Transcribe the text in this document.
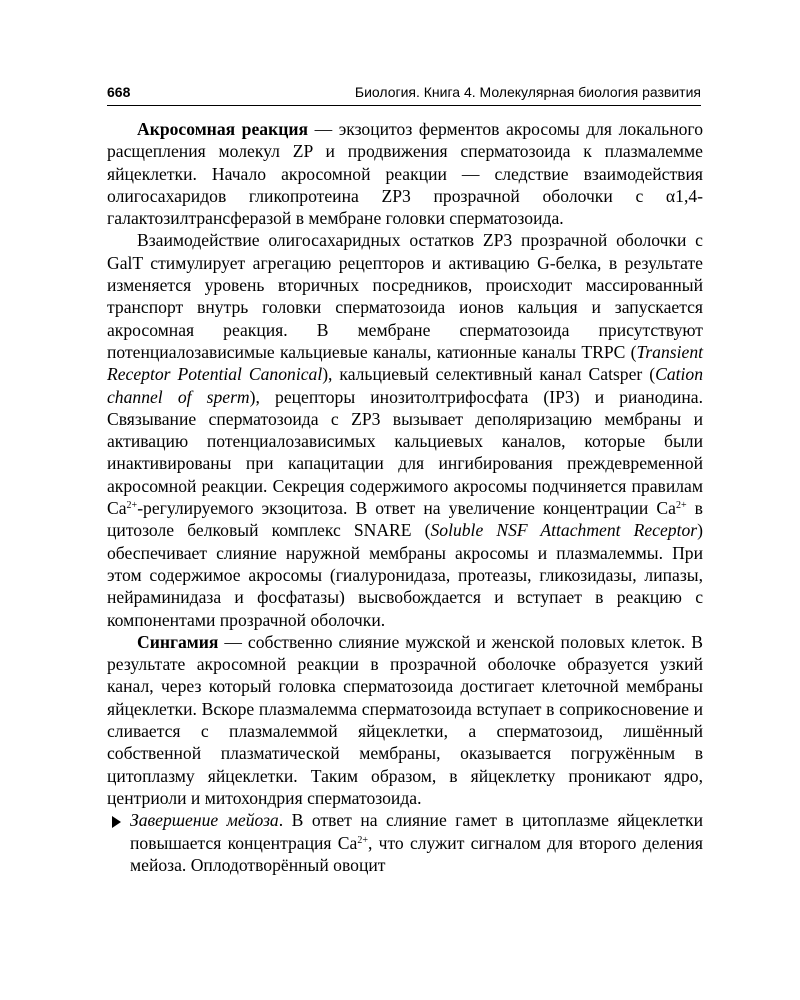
668	Биология. Книга 4. Молекулярная биология развития

Акросомная реакция — экзоцитоз ферментов акросомы для локального расщепления молекул ZP и продвижения сперматозоида к плазмалемме яйцеклетки. Начало акросомной реакции — следствие взаимодействия олигосахаридов гликопротеина ZP3 прозрачной оболочки с α1,4-галактозилтрансферазой в мембране головки сперматозоида.

Взаимодействие олигосахаридных остатков ZP3 прозрачной оболочки с GalT стимулирует агрегацию рецепторов и активацию G-белка, в результате изменяется уровень вторичных посредников, происходит массированный транспорт внутрь головки сперматозоида ионов кальция и запускается акросомная реакция. В мембране сперматозоида присутствуют потенциалозависимые кальциевые каналы, катионные каналы TRPC (Transient Receptor Potential Canonical), кальциевый селективный канал Catsper (Cation channel of sperm), рецепторы инозитолтрифосфата (IP3) и рианодина. Связывание сперматозоида с ZP3 вызывает деполяризацию мембраны и активацию потенциалозависимых кальциевых каналов, которые были инактивированы при капацитации для ингибирования преждевременной акросомной реакции. Секреция содержимого акросомы подчиняется правилам $Ca^{2+}$-регулируемого экзоцитоза. В ответ на увеличение концентрации $Ca^{2+}$ в цитозоле белковый комплекс SNARE (Soluble NSF Attachment Receptor) обеспечивает слияние наружной мембраны акросомы и плазмалеммы. При этом содержимое акросомы (гиалуронидаза, протеазы, гликозидазы, липазы, нейраминидаза и фосфатазы) высвобождается и вступает в реакцию с компонентами прозрачной оболочки.

Сингамия — собственно слияние мужской и женской половых клеток. В результате акросомной реакции в прозрачной оболочке образуется узкий канал, через который головка сперматозоида достигает клеточной мембраны яйцеклетки. Вскоре плазмалемма сперматозоида вступает в соприкосновение и сливается с плазмалеммой яйцеклетки, а сперматозоид, лишённый собственной плазматической мембраны, оказывается погружённым в цитоплазму яйцеклетки. Таким образом, в яйцеклетку проникают ядро, центриоли и митохондрия сперматозоида.

Завершение мейоза. В ответ на слияние гамет в цитоплазме яйцеклетки повышается концентрация $Ca^{2+}$, что служит сигналом для второго деления мейоза. Оплодотворённый овоцит
